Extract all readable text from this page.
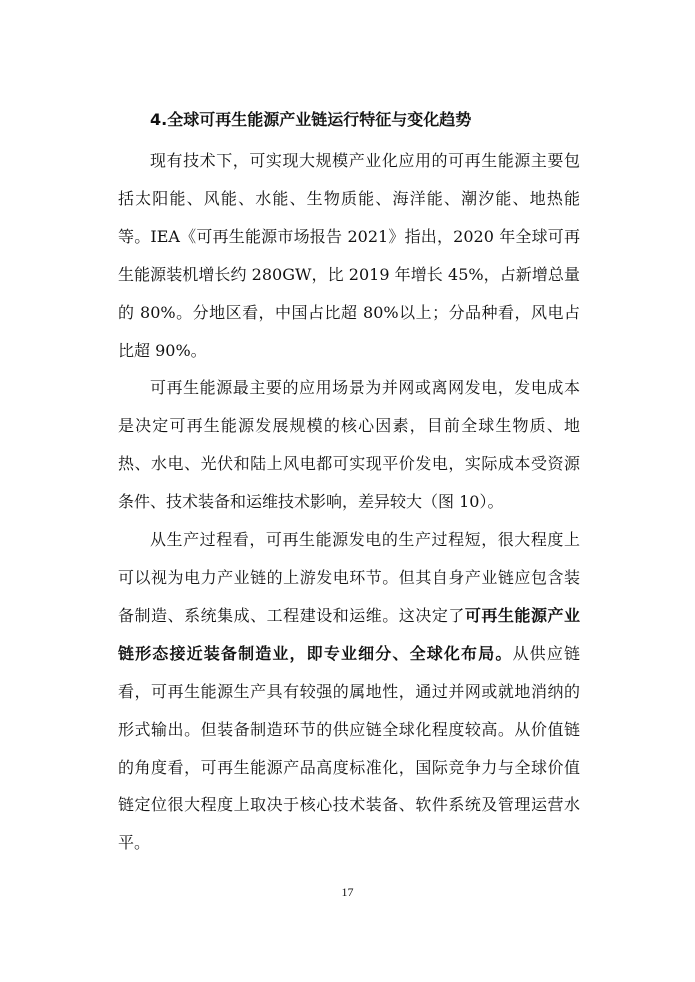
4.全球可再生能源产业链运行特征与变化趋势

现有技术下，可实现大规模产业化应用的可再生能源主要包括太阳能、风能、水能、生物质能、海洋能、潮汐能、地热能等。IEA《可再生能源市场报告 2021》指出，2020 年全球可再生能源装机增长约 280GW，比 2019 年增长 45%，占新增总量的 80%。分地区看，中国占比超 80%以上；分品种看，风电占比超 90%。

可再生能源最主要的应用场景为并网或离网发电，发电成本是决定可再生能源发展规模的核心因素，目前全球生物质、地热、水电、光伏和陆上风电都可实现平价发电，实际成本受资源条件、技术装备和运维技术影响，差异较大（图 10）。

从生产过程看，可再生能源发电的生产过程短，很大程度上可以视为电力产业链的上游发电环节。但其自身产业链应包含装备制造、系统集成、工程建设和运维。这决定了可再生能源产业链形态接近装备制造业，即专业细分、全球化布局。从供应链看，可再生能源生产具有较强的属地性，通过并网或就地消纳的形式输出。但装备制造环节的供应链全球化程度较高。从价值链的角度看，可再生能源产品高度标准化，国际竞争力与全球价值链定位很大程度上取决于核心技术装备、软件系统及管理运营水平。

17
